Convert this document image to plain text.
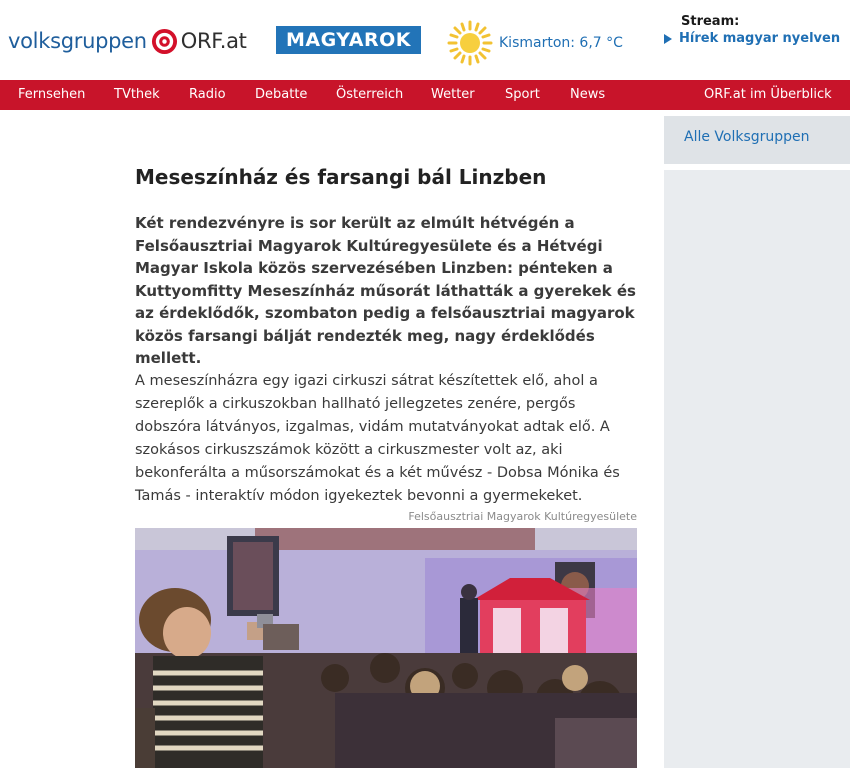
volksgruppen ORF.at	MAGYAROK	Kismarton: 6,7 °C
Stream:
Hírek magyar nyelven
Fernsehen TVthek Radio Debatte Österreich Wetter Sport News	ORF.at im Überblick
Alle Volksgruppen
Meseszínház és farsangi bál Linzben

Két rendezvényre is sor került az elmúlt hétvégén a Felsőausztriai Magyarok Kultúregyesülete és a Hétvégi Magyar Iskola közös szervezésében Linzben: pénteken a Kuttyomfitty Meseszínház műsorát láthatták a gyerekek és az érdeklődők, szombaton pedig a felsőausztriai magyarok közös farsangi bálját rendezték meg, nagy érdeklődés mellett.

A meseszínházra egy igazi cirkuszi sátrat készítettek elő, ahol a szereplők a cirkuszokban hallható jellegzetes zenére, pergős dobszóra látványos, izgalmas, vidám mutatványokat adtak elő. A szokásos cirkuszszámok között a cirkuszmester volt az, aki bekonferálta a műsorszámokat és a két művész - Dobsa Mónika és Tamás - interaktív módon igyekeztek bevonni a gyermekeket.

Felsőausztriai Magyarok Kultúregyesülete
